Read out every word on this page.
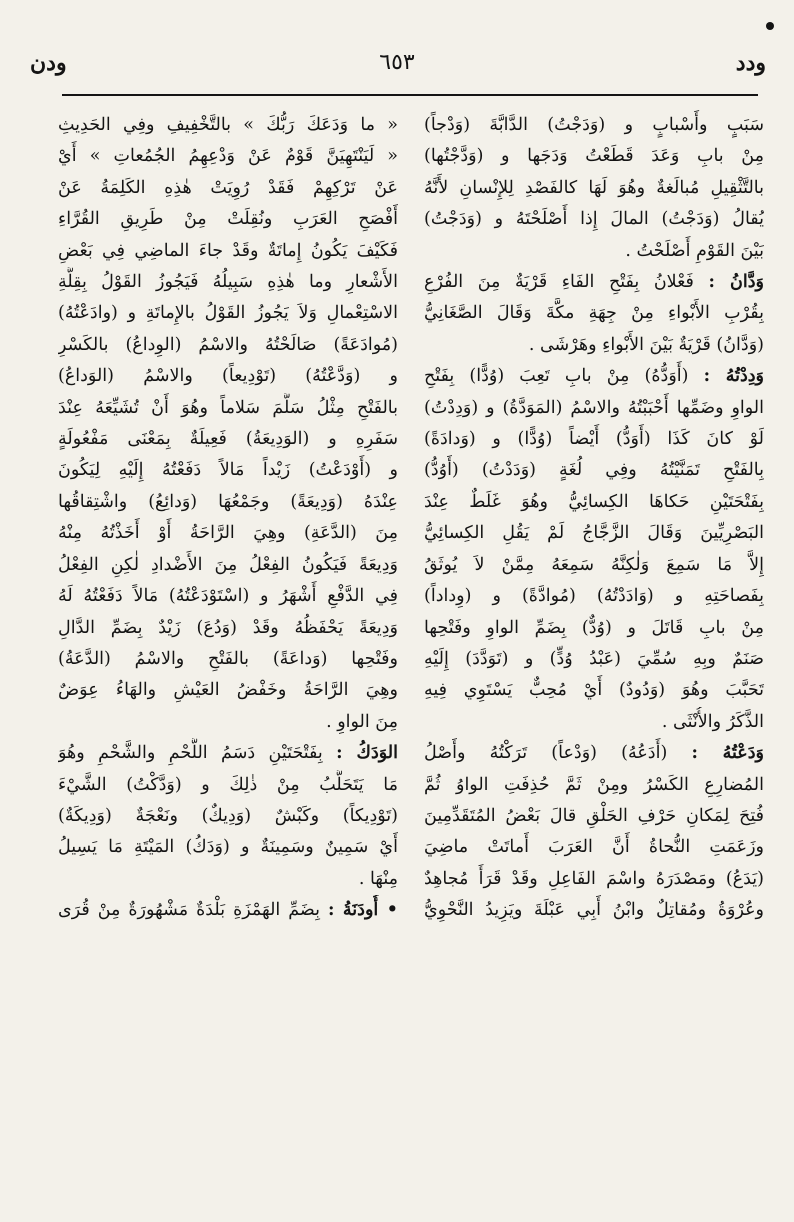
ودن	٦٥٣	ودد
سَبَبٍ وأَسْبابٍ و (وَدَجْتُ) الدَّابَّةَ (وَدْجاً)
مِنْ بابِ وَعَدَ قَطَعْتُ وَدَجَها و (وَدَّجْتُها)
بالتَّثْقِيلِ مُبالَغةٌ وهُوَ لَهَا كالفَصْدِ لِلإِنْسانِ لأَنَّهُ
يُقالُ (وَدَجْتُ) المالَ إِذا أَصْلَحْتَهُ و (وَدَجْتُ)
بَيْنَ القَوْمِ أَصْلَحْتُ .
وَدَّانُ : فَعْلانُ بِفَتْحِ الفَاءِ قَرْيَةٌ مِنَ الفُرْعِ
بِقُرْبِ الأَبْواءِ مِنْ جِهَةِ مكَّةَ وَقَالَ الصَّغَانِيُّ
(وَدَّانُ) قَرْيَةٌ بَيْنَ الأَبْواءِ وهَرْشَى .
وَدِدْتُهُ : (أَوَدُّهُ) مِنْ بابِ تَعِبَ (وُدًّا) بِفَتْحِ
الواوِ وضَمِّها أَحْبَبْتُهُ والاسْمُ (المَوَدَّةُ) و (وَدِدْتُ)
لَوْ كانَ كَذَا (أَوَدُّ) أَيْضاً (وُدًّا) و (وَدادَةً)
بِالفَتْحِ تَمَنَّيْتُهُ وفِي لُغَةٍ (وَدَدْتُ) (أَوُدُّ)
بِفَتْحَتَيْنِ حَكاهَا الكِسائِيُّ وهُوَ غَلَطٌ عِنْدَ
البَصْرِيِّينَ وَقَالَ الزَّجَّاجُ لَمْ يَقُلِ الكِسائِيُّ
إِلاَّ مَا سَمِعَ وَلٰكِنَّهُ سَمِعَهُ مِمَّنْ لاَ يُوثَقُ
بِفَصاحَتِهِ و (وَادَدْتُهُ) (مُوادَّةً) و (وِداداً)
مِنْ بابِ قَاتَلَ و (وُدٌّ) بِضَمِّ الواوِ وفَتْحِها
صَنَمٌ وبِهِ سُمِّيَ (عَبْدُ وُدٍّ) و (تَوَدَّدَ) إِلَيْهِ
تَحَبَّبَ وهُوَ (وَدُودٌ) أَيْ مُحِبٌّ يَسْتَوِي فِيهِ
الذَّكَرُ والأُنْثَى .
وَدَعْتُهُ : (أَدَعُهُ) (وَدْعاً) تَرَكْتُهُ وأَصْلُ
المُضارِعِ الكَسْرُ ومِنْ ثَمَّ حُذِفَتِ الواوُ ثُمَّ
فُتِحَ لِمَكانِ حَرْفِ الحَلْقِ قالَ بَعْضُ المُتَقَدِّمِينَ
وزَعَمَتِ النُّحاةُ أَنَّ العَرَبَ أَماتَتْ ماضِيَ
(يَدَعُ) ومَصْدَرَهُ واسْمَ الفَاعِلِ وقَدْ قَرَأَ مُجاهِدٌ
وعُرْوَةُ ومُقاتِلٌ وابْنُ أَبِي عَبْلَةَ ويَزِيدُ النَّحْوِيُّ
« ما وَدَعَكَ رَبُّكَ » بالتَّخْفِيفِ وفِي الحَدِيثِ
« لَيَنْتَهِيَنَّ قَوْمٌ عَنْ وَدْعِهِمُ الجُمُعاتِ » أَيْ
عَنْ تَرْكِهِمْ فَقَدْ رُوِيَتْ هٰذِهِ الكَلِمَةُ عَنْ
أَفْصَحِ العَرَبِ ونُقِلَتْ مِنْ طَرِيقِ القُرَّاءِ
فَكَيْفَ يَكُونُ إِماتَةٌ وقَدْ جاءَ الماضِي فِي بَعْضِ
الأَشْعارِ وما هٰذِهِ سَبِيلُهُ فَيَجُوزُ القَوْلُ بِقِلَّةِ
الاسْتِعْمالِ وَلاَ يَجُوزُ القَوْلُ بالإِماتَةِ و (وادَعْتُهُ)
(مُوادَعَةً) صَالَحْتُهُ والاسْمُ (الوِداعُ) بالكَسْرِ
و (وَدَّعْتُهُ) (تَوْدِيعاً) والاسْمُ (الوَداعُ)
بالفَتْحِ مِثْلُ سَلَّمَ سَلاماً وهُوَ أَنْ تُشَيِّعَهُ عِنْدَ
سَفَرِهِ و (الوَدِيعَةُ) فَعِيلَةٌ بِمَعْنَى مَفْعُولَةٍ
و (أَوْدَعْتُ) زَيْداً مَالاً دَفَعْتُهُ إِلَيْهِ لِيَكُونَ
عِنْدَهُ (وَدِيعَةً) وجَمْعُهَا (وَدائِعُ) واشْتِقاقُها
مِنَ (الدَّعَةِ) وهِيَ الرَّاحَةُ أَوْ أَخَذْتُهُ مِنْهُ
وَدِيعَةً فَيَكُونُ الفِعْلُ مِنَ الأَضْدادِ لٰكِنِ الفِعْلُ
فِي الدَّفْعِ أَشْهَرُ و (اسْتَوْدَعْتُهُ) مَالاً دَفَعْتُهُ لَهُ
وَدِيعَةً يَحْفَظُهُ وقَدْ (وَدُعَ) زَيْدٌ بِضَمِّ الدَّالِ
وفَتْحِها (وَداعَةً) بالفَتْحِ والاسْمُ (الدَّعَةُ)
وهِيَ الرَّاحَةُ وخَفْضُ العَيْشِ والهَاءُ عِوَضٌ
مِنَ الواوِ .
الوَدَكُ : بِفَتْحَتَيْنِ دَسَمُ اللَّحْمِ والشَّحْمِ وهُوَ
مَا يَتَحَلَّبُ مِنْ ذٰلِكَ و (وَدَّكْتُ) الشَّيْءَ
(تَوْدِيكاً) وكَبْشٌ (وَدِيكٌ) ونَعْجَةٌ (وَدِيكَةٌ)
أَيْ سَمِينٌ وسَمِينَةٌ و (وَدَكُ) المَيْتَةِ مَا يَسِيلُ
مِنْهَا .
• أُودَنَةُ : بِضَمِّ الهَمْزَةِ بَلْدَةٌ مَشْهُورَةٌ مِنْ قُرَى
